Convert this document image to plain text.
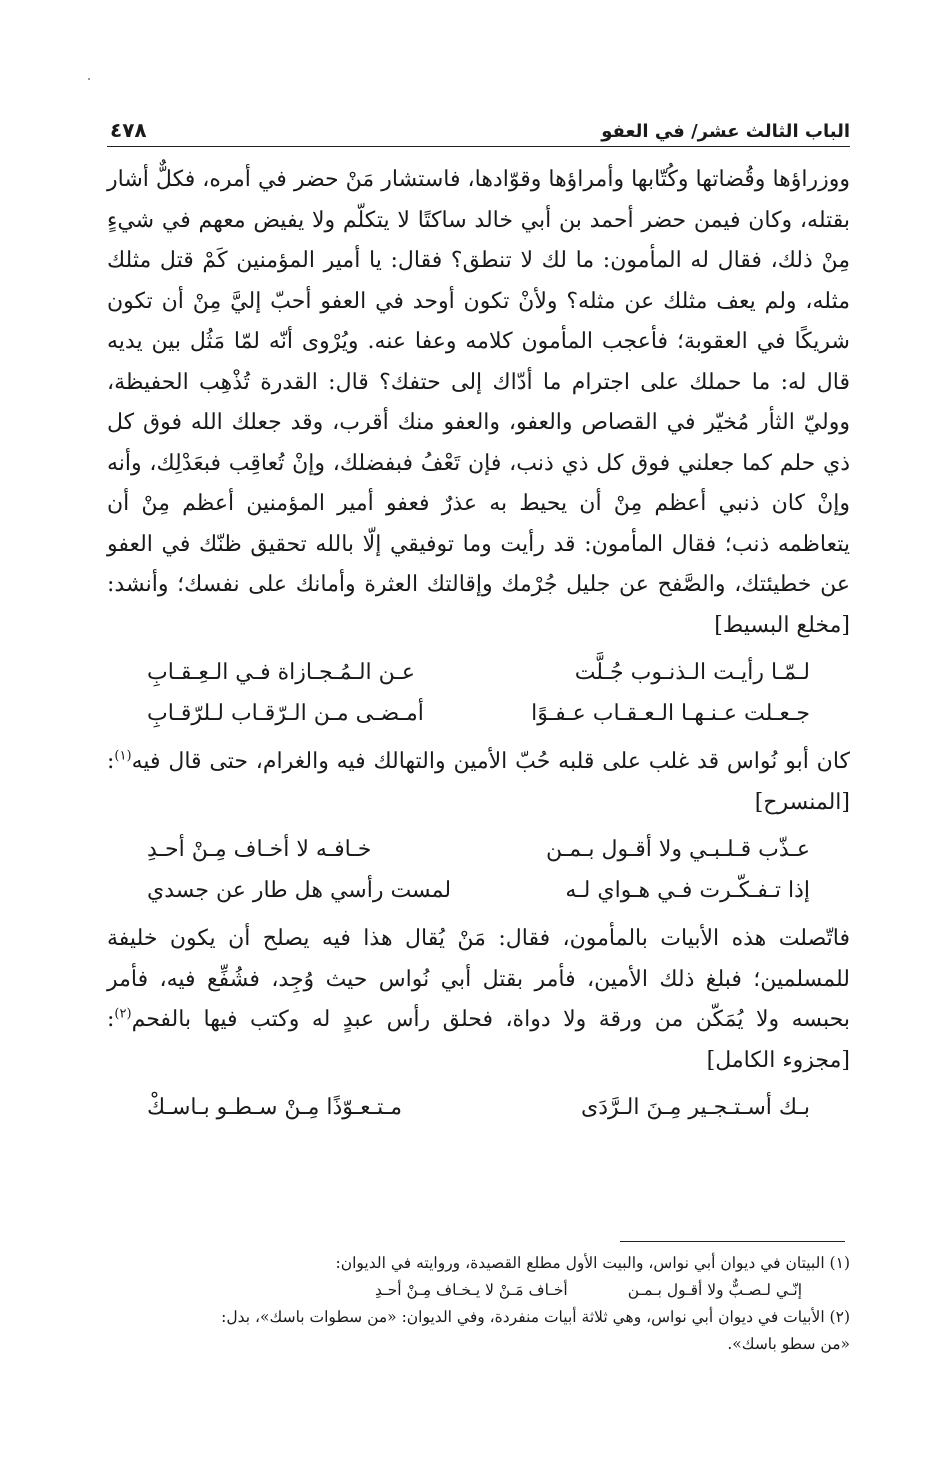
الباب الثالث عشر/ في العفو
٤٧٨

ووزراؤها وقُضاتها وكُتّابها وأمراؤها وقوّادها، فاستشار مَنْ حضر في أمره، فكلٌّ أشار بقتله، وكان فيمن حضر أحمد بن أبي خالد ساكتًا لا يتكلّم ولا يفيض معهم في شيءٍ مِنْ ذلك، فقال له المأمون: ما لك لا تنطق؟ فقال: يا أمير المؤمنين كَمْ قتل مثلك مثله، ولم يعف مثلك عن مثله؟ ولأنْ تكون أوحد في العفو أحبّ إليَّ مِنْ أن تكون شريكًا في العقوبة؛ فأعجب المأمون كلامه وعفا عنه. ويُرْوى أنّه لمّا مَثُل بين يديه قال له: ما حملك على اجترام ما أدّاك إلى حتفك؟ قال: القدرة تُذْهِب الحفيظة، ووليّ الثأر مُخيّر في القصاص والعفو، والعفو منك أقرب، وقد جعلك الله فوق كل ذي حلم كما جعلني فوق كل ذي ذنب، فإن تَعْفُ فبفضلك، وإنْ تُعاقِب فبعَدْلِك، وأنه وإنْ كان ذنبي أعظم مِنْ أن يحيط به عذرٌ فعفو أمير المؤمنين أعظم مِنْ أن يتعاظمه ذنب؛ فقال المأمون: قد رأيت وما توفيقي إلّا بالله تحقيق ظنّك في العفو عن خطيئتك، والصَّفح عن جليل جُرْمك وإقالتك العثرة وأمانك على نفسك؛ وأنشد: [مخلع البسيط]

لـمّـا رأيـت الـذنـوب جُـلَّت
عـن الـمُـجـازاة فـي الـعِـقـابِ
جـعـلت عـنـهـا الـعـقـاب عـفـوًا
أمـضـى مـن الـرّقـاب لـلرّقـابِ

كان أبو نُواس قد غلب على قلبه حُبّ الأمين والتهالك فيه والغرام، حتى قال فيه$^{(١)}$: [المنسرح]

عـذّب قـلـبـي ولا أقـول بـمـن
خـافـه لا أخـاف مِـنْ أحـدِ
إذا تـفـكّـرت فـي هـواي لـه
لمست رأسي هل طار عن جسدي

فاتّصلت هذه الأبيات بالمأمون، فقال: مَنْ يُقال هذا فيه يصلح أن يكون خليفة للمسلمين؛ فبلغ ذلك الأمين، فأمر بقتل أبي نُواس حيث وُجِد، فشُفِّع فيه، فأمر بحبسه ولا يُمَكّن من ورقة ولا دواة، فحلق رأس عبدٍ له وكتب فيها بالفحم$^{(٢)}$: [مجزوء الكامل]

بـك أسـتـجـير مِـنَ الـرَّدَى
مـتـعـوّذًا مِـنْ سـطـو بـاسـكْ

(١) البيتان في ديوان أبي نواس، والبيت الأول مطلع القصيدة، وروايته في الديوان:

إنّـي لـصـبٌّ ولا أقـول بـمـن
أخـاف مَـنْ لا يـخـاف مِـنْ أحـدِ

(٢) الأبيات في ديوان أبي نواس، وهي ثلاثة أبيات منفردة، وفي الديوان: «من سطوات باسك»، بدل:

«من سطو باسك».
